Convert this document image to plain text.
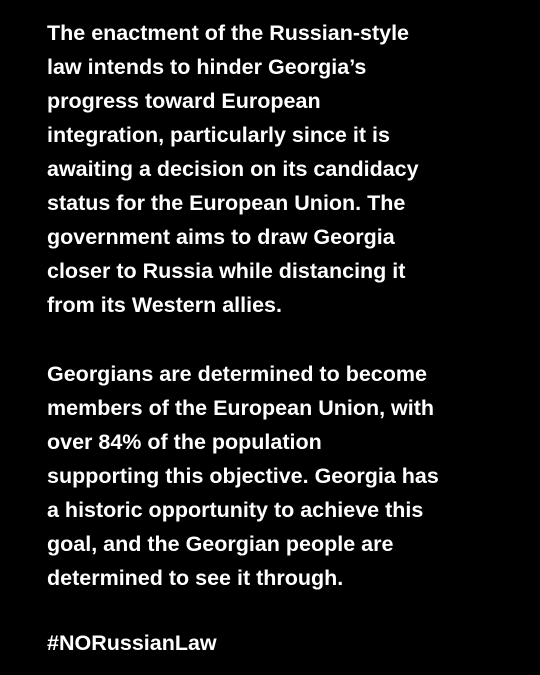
The enactment of the Russian-style

law intends to hinder Georgia’s

progress toward European

integration, particularly since it is

awaiting a decision on its candidacy

status for the European Union. The

government aims to draw Georgia

closer to Russia while distancing it

from its Western allies.

Georgians are determined to become

members of the European Union, with

over 84% of the population

supporting this objective. Georgia has

a historic opportunity to achieve this

goal, and the Georgian people are

determined to see it through.

#NORussianLaw
